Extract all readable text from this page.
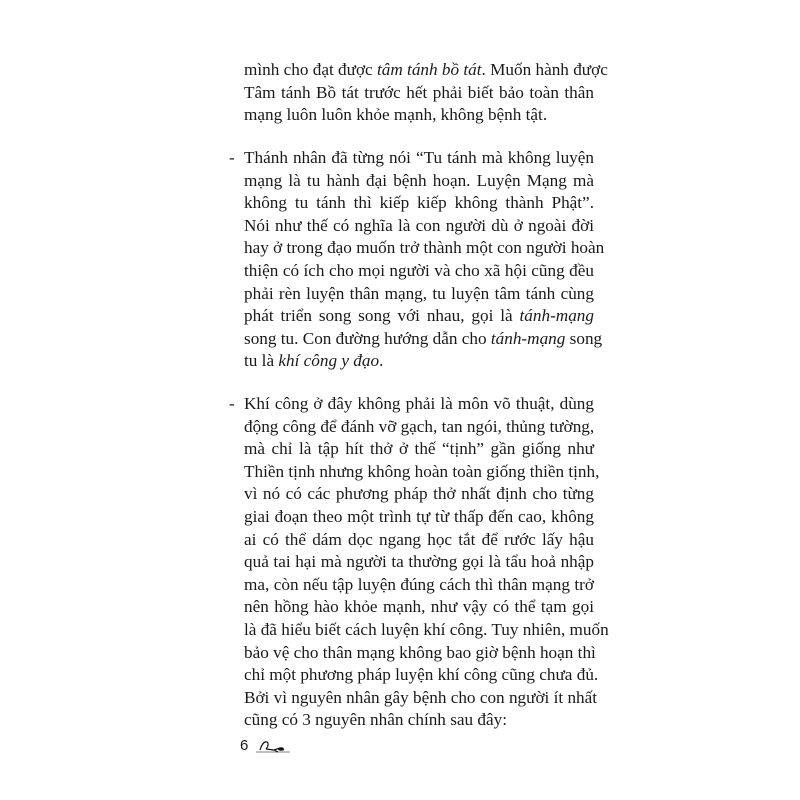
mình cho đạt được tâm tánh bồ tát. Muốn hành được
Tâm tánh Bồ tát trước hết phải biết bảo toàn thân
mạng luôn luôn khỏe mạnh, không bệnh tật.
- Thánh nhân đã từng nói “Tu tánh mà không luyện
mạng là tu hành đại bệnh hoạn. Luyện Mạng mà
không tu tánh thì kiếp kiếp không thành Phật”.
Nói như thế có nghĩa là con người dù ở ngoài đời
hay ở trong đạo muốn trở thành một con người hoàn
thiện có ích cho mọi người và cho xã hội cũng đều
phải rèn luyện thân mạng, tu luyện tâm tánh cùng
phát triển song song với nhau, gọi là tánh-mạng
song tu. Con đường hướng dẫn cho tánh-mạng song
tu là khí công y đạo.
- Khí công ở đây không phải là môn võ thuật, dùng
động công để đánh vỡ gạch, tan ngói, thủng tường,
mà chỉ là tập hít thở ở thế “tịnh” gần giống như
Thiền tịnh nhưng không hoàn toàn giống thiền tịnh,
vì nó có các phương pháp thở nhất định cho từng
giai đoạn theo một trình tự từ thấp đến cao, không
ai có thể dám dọc ngang học tắt để rước lấy hậu
quả tai hại mà người ta thường gọi là tẩu hoả nhập
ma, còn nếu tập luyện đúng cách thì thân mạng trở
nên hồng hào khỏe mạnh, như vậy có thể tạm gọi
là đã hiểu biết cách luyện khí công. Tuy nhiên, muốn
bảo vệ cho thân mạng không bao giờ bệnh hoạn thì
chỉ một phương pháp luyện khí công cũng chưa đủ.
Bởi vì nguyên nhân gây bệnh cho con người ít nhất
cũng có 3 nguyên nhân chính sau đây:
6
